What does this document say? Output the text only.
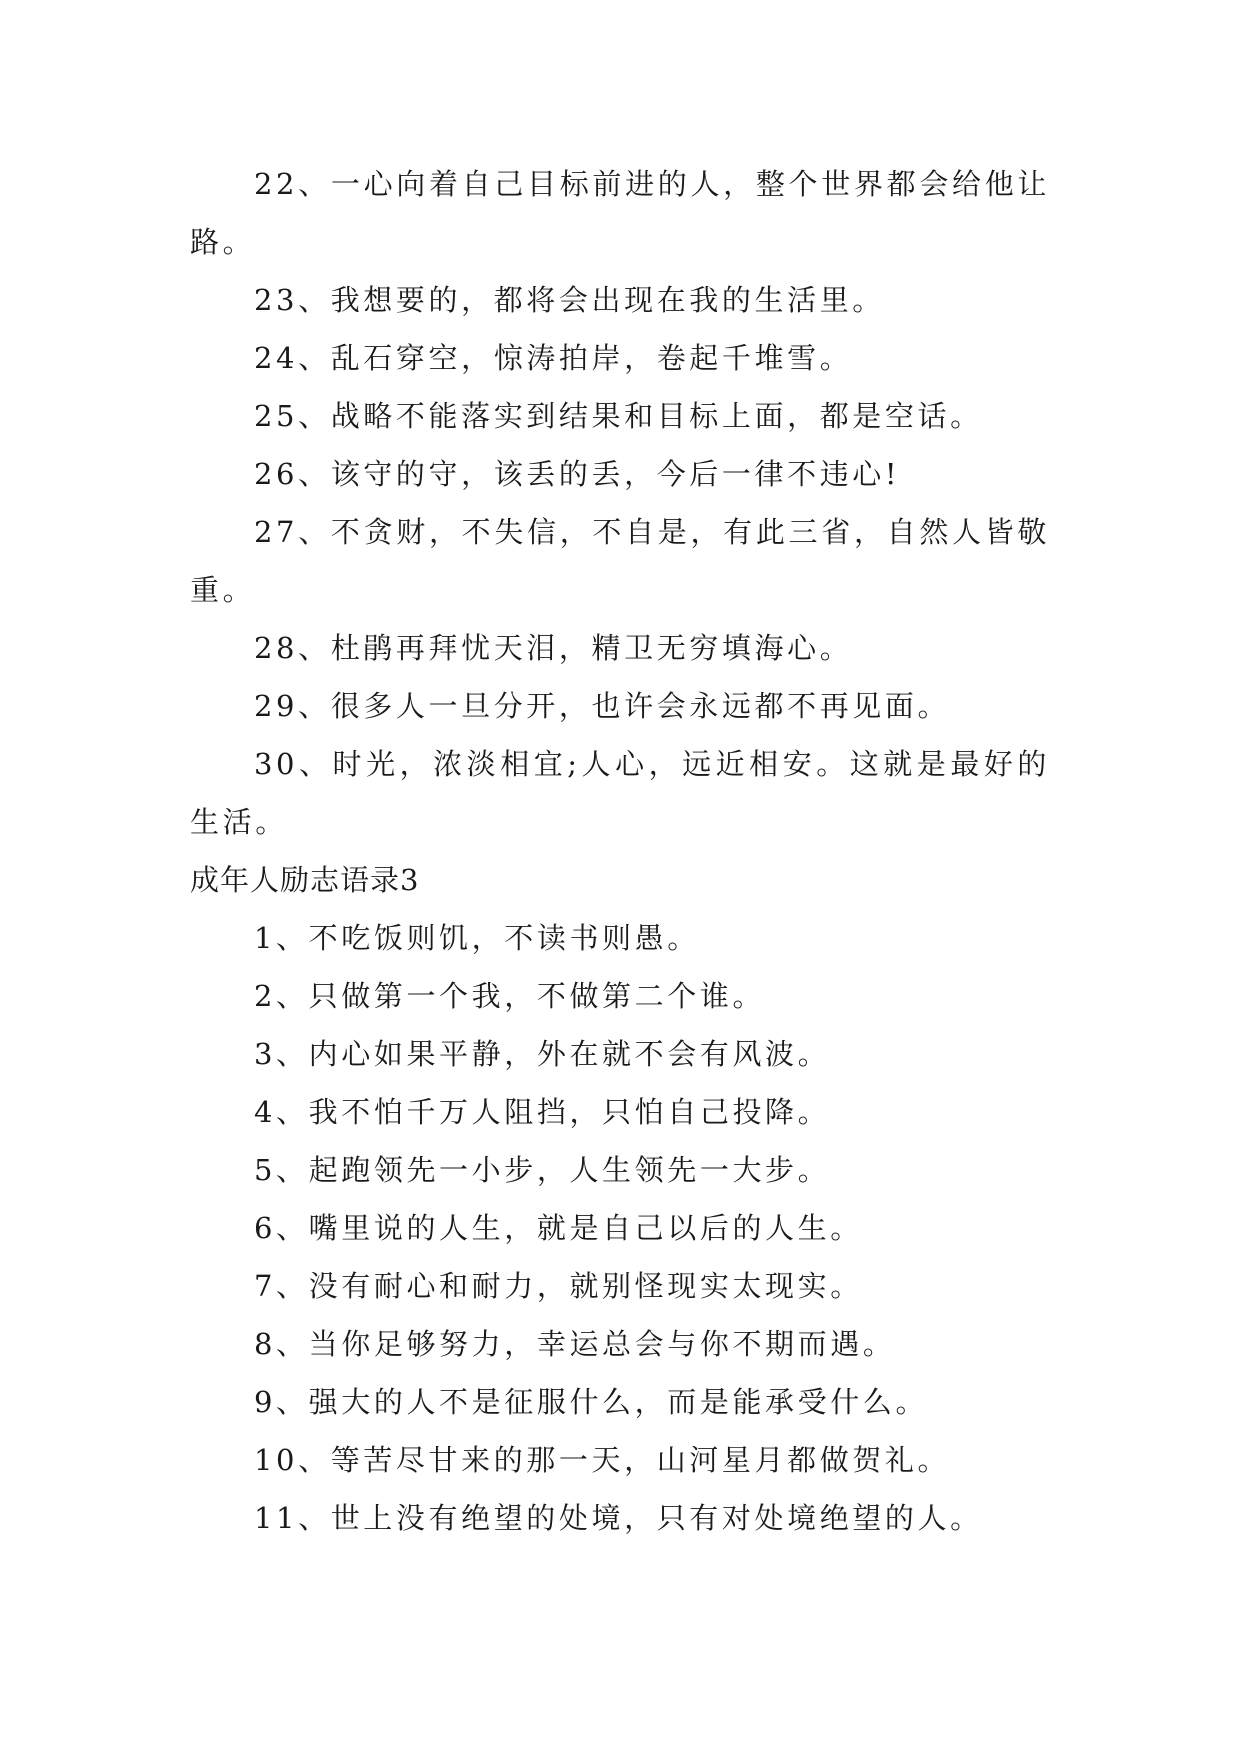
22、一心向着自己目标前进的人，整个世界都会给他让路。

23、我想要的，都将会出现在我的生活里。

24、乱石穿空，惊涛拍岸，卷起千堆雪。

25、战略不能落实到结果和目标上面，都是空话。

26、该守的守，该丢的丢，今后一律不违心!

27、不贪财，不失信，不自是，有此三省，自然人皆敬重。

28、杜鹃再拜忧天泪，精卫无穷填海心。

29、很多人一旦分开，也许会永远都不再见面。

30、时光，浓淡相宜;人心，远近相安。这就是最好的生活。

成年人励志语录3

1、不吃饭则饥，不读书则愚。

2、只做第一个我，不做第二个谁。

3、内心如果平静，外在就不会有风波。

4、我不怕千万人阻挡，只怕自己投降。

5、起跑领先一小步，人生领先一大步。

6、嘴里说的人生，就是自己以后的人生。

7、没有耐心和耐力，就别怪现实太现实。

8、当你足够努力，幸运总会与你不期而遇。

9、强大的人不是征服什么，而是能承受什么。

10、等苦尽甘来的那一天，山河星月都做贺礼。

11、世上没有绝望的处境，只有对处境绝望的人。
